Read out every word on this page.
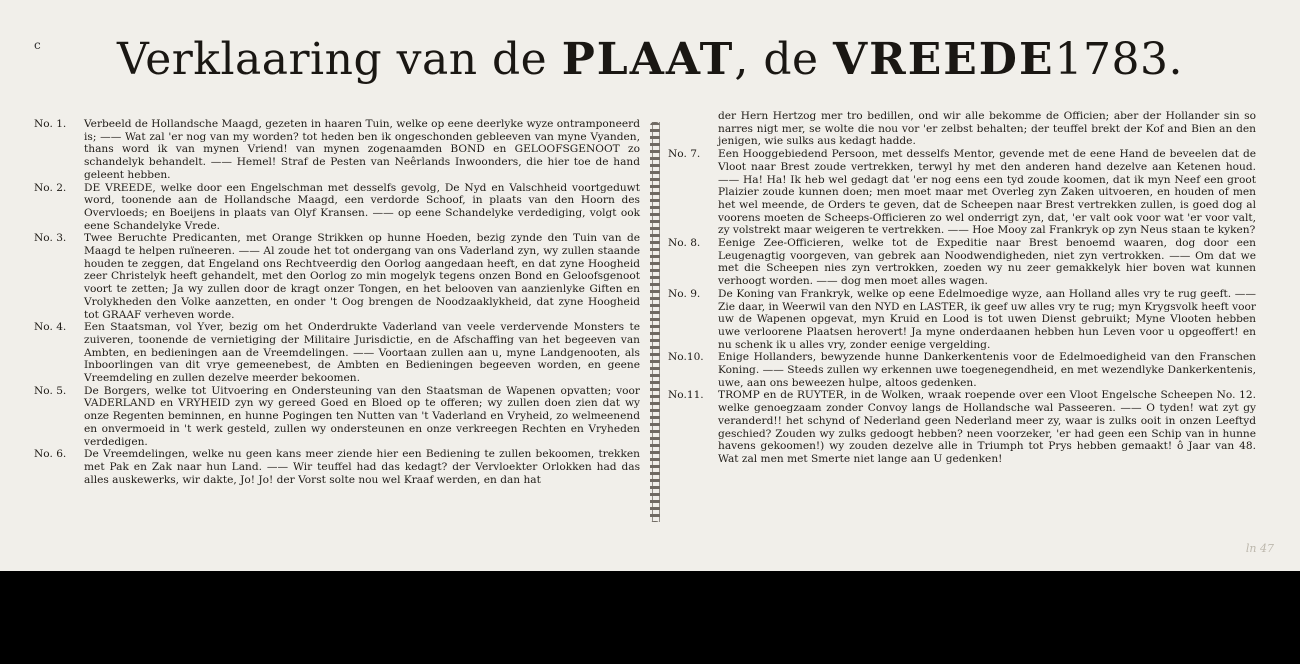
c	Verklaaring van de PLAAT, de VREEDE1783.
No. 1.	Verbeeld de Hollandsche Maagd, gezeten in haaren Tuin, welke op eene deerlyke wyze ontramponeerd is; —— Wat zal 'er nog van my worden? tot heden ben ik ongeschonden gebleeven van myne Vyanden, thans word ik van mynen Vriend! van mynen zogenaamden BOND en GELOOFSGENOOT zo schandelyk behandelt. —— Hemel! Straf de Pesten van Neêrlands Inwoonders, die hier toe de hand geleent hebben.
No. 2.	DE VREEDE, welke door een Engelschman met desselfs gevolg, De Nyd en Valschheid voortgeduwt word, toonende aan de Hollandsche Maagd, een verdorde Schoof, in plaats van den Hoorn des Overvloeds; en Boeijens in plaats van Olyf Kransen. —— op eene Schandelyke verdediging, volgt ook eene Schandelyke Vrede.
No. 3.	Twee Beruchte Predicanten, met Orange Strikken op hunne Hoeden, bezig zynde den Tuin van de Maagd te helpen ruïneeren. —— Al zoude het tot ondergang van ons Vaderland zyn, wy zullen staande houden te zeggen, dat Engeland ons Rechtveerdig den Oorlog aangedaan heeft, en dat zyne Hoogheid zeer Christelyk heeft gehandelt, met den Oorlog zo min mogelyk tegens onzen Bond en Geloofsgenoot voort te zetten; Ja wy zullen door de kragt onzer Tongen, en het belooven van aanzienlyke Giften en Vrolykheden den Volke aanzetten, en onder 't Oog brengen de Noodzaaklykheid, dat zyne Hoogheid tot GRAAF verheven worde.
No. 4.	Een Staatsman, vol Yver, bezig om het Onderdrukte Vaderland van veele verdervende Monsters te zuiveren, toonende de vernietiging der Militaire Jurisdictie, en de Afschaffing van het begeeven van Ambten, en bedieningen aan de Vreemdelingen. —— Voortaan zullen aan u, myne Landgenooten, als Inboorlingen van dit vrye gemeenebest, de Ambten en Bedieningen begeeven worden, en geene Vreemdeling en zullen dezelve meerder bekoomen.
No. 5.	De Borgers, welke tot Uitvoering en Ondersteuning van den Staatsman de Wapenen opvatten; voor VADERLAND en VRYHEID zyn wy gereed Goed en Bloed op te offeren; wy zullen doen zien dat wy onze Regenten beminnen, en hunne Pogingen ten Nutten van 't Vaderland en Vryheid, zo welmeenend en onvermoeid in 't werk gesteld, zullen wy ondersteunen en onze verkreegen Rechten en Vryheden verdedigen.
No. 6.	De Vreemdelingen, welke nu geen kans meer ziende hier een Bediening te zullen bekoomen, trekken met Pak en Zak naar hun Land. —— Wir teuffel had das kedagt? der Vervloekter Orlokken had das alles auskewerks, wir dakte, Jo! Jo! der Vorst solte nou wel Kraaf werden, en dan hat
der Hern Hertzog mer tro bedillen, ond wir alle bekomme de Officien; aber der Hollander sin so narres nigt mer, se wolte die nou vor 'er zelbst behalten; der teuffel brekt der Kof and Bien an den jenigen, wie sulks aus kedagt hadde.
No. 7.	Een Hooggebiedend Persoon, met desselfs Mentor, gevende met de eene Hand de beveelen dat de Vloot naar Brest zoude vertrekken, terwyl hy met den anderen hand dezelve aan Ketenen houd. —— Ha! Ha! Ik heb wel gedagt dat 'er nog eens een tyd zoude koomen, dat ik myn Neef een groot Plaizier zoude kunnen doen; men moet maar met Overleg zyn Zaken uitvoeren, en houden of men het wel meende, de Orders te geven, dat de Scheepen naar Brest vertrekken zullen, is goed dog al voorens moeten de Scheeps-Officieren zo wel onderrigt zyn, dat, 'er valt ook voor wat 'er voor valt, zy volstrekt maar weigeren te vertrekken. —— Hoe Mooy zal Frankryk op zyn Neus staan te kyken?
No. 8.	Eenige Zee-Officieren, welke tot de Expeditie naar Brest benoemd waaren, dog door een Leugenagtig voorgeven, van gebrek aan Noodwendigheden, niet zyn vertrokken. —— Om dat we met die Scheepen nies zyn vertrokken, zoeden wy nu zeer gemakkelyk hier boven wat kunnen verhoogt worden. —— dog men moet alles wagen.
No. 9.	De Koning van Frankryk, welke op eene Edelmoedige wyze, aan Holland alles vry te rug geeft. —— Zie daar, in Weerwil van den NYD en LASTER, ik geef uw alles vry te rug; myn Krygsvolk heeft voor uw de Wapenen opgevat, myn Kruid en Lood is tot uwen Dienst gebruikt; Myne Vlooten hebben uwe verloorene Plaatsen herovert! Ja myne onderdaanen hebben hun Leven voor u opgeoffert! en nu schenk ik u alles vry, zonder eenige vergelding.
No.10.	Enige Hollanders, bewyzende hunne Dankerkentenis voor de Edelmoedigheid van den Franschen Koning. —— Steeds zullen wy erkennen uwe toegenegendheid, en met wezendlyke Dankerkentenis, uwe, aan ons beweezen hulpe, altoos gedenken.
No.11.	TROMP en de RUYTER, in de Wolken, wraak roepende over een Vloot Engelsche Scheepen No. 12. welke genoegzaam zonder Convoy langs de Hollandsche wal Passeeren. —— O tyden! wat zyt gy veranderd!! het schynd of Nederland geen Nederland meer zy, waar is zulks ooit in onzen Leeftyd geschied? Zouden wy zulks gedoogt hebben? neen voorzeker, 'er had geen een Schip van in hunne havens gekoomen!) wy zouden dezelve alle in Triumph tot Prys hebben gemaakt! ô Jaar van 48. Wat zal men met Smerte niet lange aan U gedenken!
ln 47
